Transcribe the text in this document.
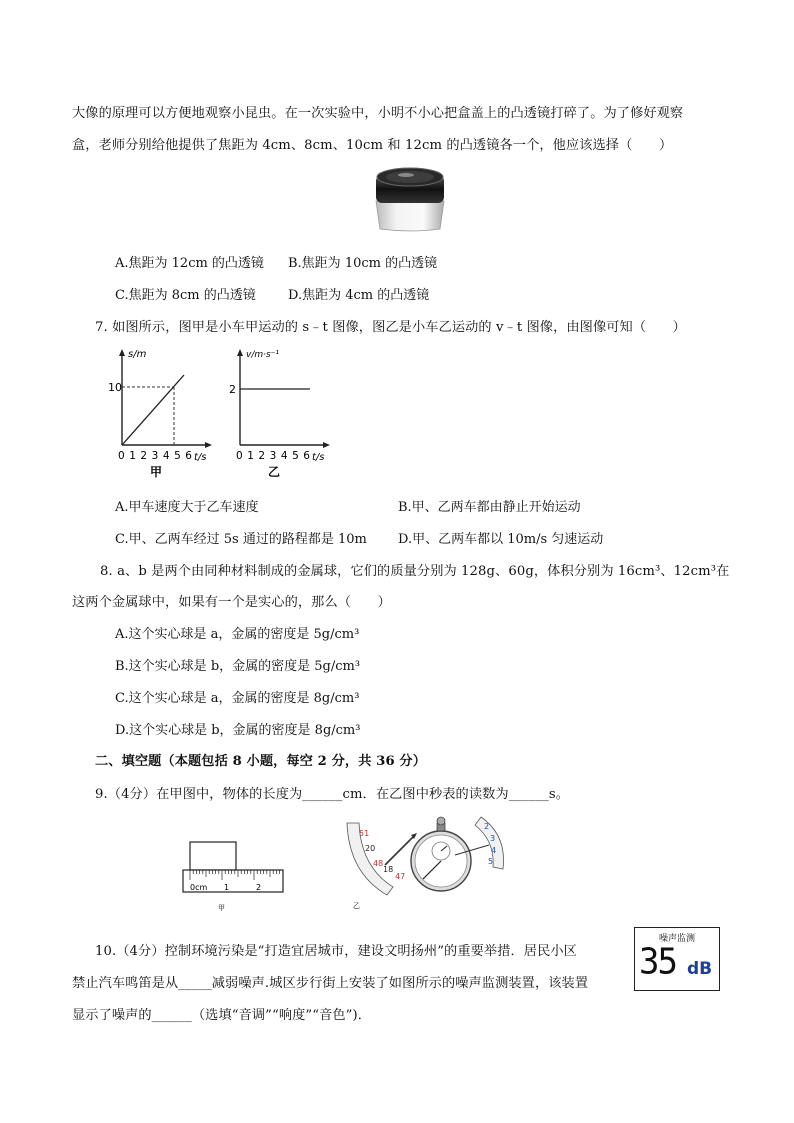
大像的原理可以方便地观察小昆虫。在一次实验中，小明不小心把盒盖上的凸透镜打碎了。为了修好观察
盒，老师分别给他提供了焦距为 4cm、8cm、10cm 和 12cm 的凸透镜各一个，他应该选择（　　）
A.焦距为 12cm 的凸透镜 B.焦距为 10cm 的凸透镜
C.焦距为 8cm 的凸透镜 D.焦距为 4cm 的凸透镜
7. 如图所示，图甲是小车甲运动的 s﹣t 图像，图乙是小车乙运动的 v﹣t 图像，由图像可知（　　）
s/m
10
0 1 2 3 4 5 6 t/s
甲
v/m·s⁻¹
2
0 1 2 3 4 5 6 t/s
乙
A.甲车速度大于乙车速度	B.甲、乙两车都由静止开始运动
C.甲、乙两车经过 5s 通过的路程都是 10m D.甲、乙两车都以 10m/s 匀速运动
8. a、b 是两个由同种材料制成的金属球，它们的质量分别为 128g、60g，体积分别为 16cm³、12cm³在
这两个金属球中，如果有一个是实心的，那么（　　）
A.这个实心球是 a，金属的密度是 5g/cm³
B.这个实心球是 b，金属的密度是 5g/cm³
C.这个实心球是 a，金属的密度是 8g/cm³
D.这个实心球是 b，金属的密度是 8g/cm³
二、填空题（本题包括 8 小题，每空 2 分，共 36 分）
9.（4分）在甲图中，物体的长度为______cm．在乙图中秒表的读数为______s。
0cm 1	2
甲
51
20
18
48
47
2
3
4
5
乙
10.（4分）控制环境污染是“打造宜居城市，建设文明扬州”的重要举措．居民小区
禁止汽车鸣笛是从_____减弱噪声.城区步行街上安装了如图所示的噪声监测装置，该装置
显示了噪声的______（选填“音调”“响度”“音色”)．
噪声监测
35 dB
